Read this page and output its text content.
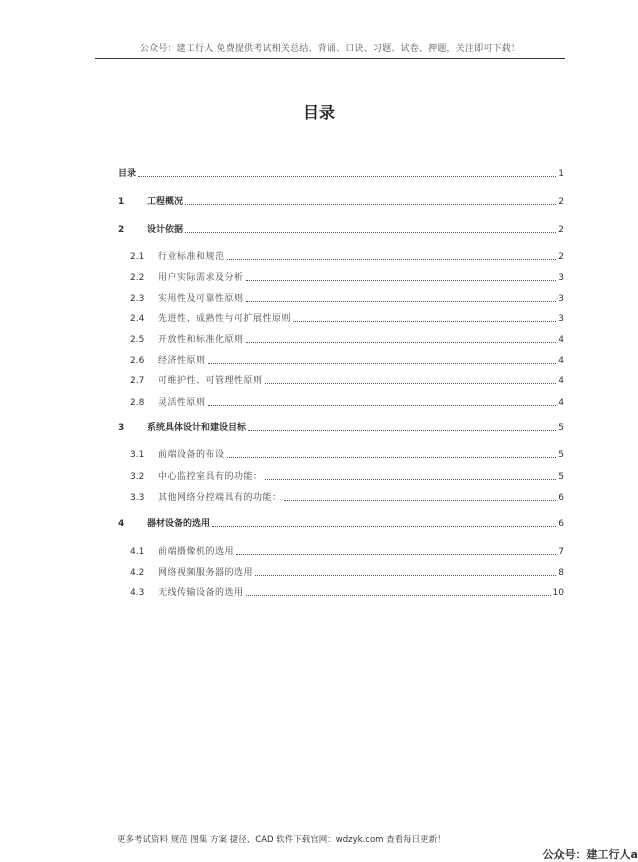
公众号：建工行人 免费提供考试相关总结、背诵、口诀、习题、试卷、押题，关注即可下载！
目录
目录	1
1	工程概况	2
2	设计依据	2
2.1	行业标准和规范	2
2.2	用户实际需求及分析	3
2.3	实用性及可靠性原则	3
2.4	先进性、成熟性与可扩展性原则	3
2.5	开放性和标准化原则	4
2.6	经济性原则	4
2.7	可维护性、可管理性原则	4
2.8	灵活性原则	4
3	系统具体设计和建设目标	5
3.1	前端设备的布设	5
3.2	中心监控室具有的功能：	5
3.3	其他网络分控端具有的功能：	6
4	器材设备的选用	6
4.1	前端摄像机的选用	7
4.2	网络视频服务器的选用	8
4.3	无线传输设备的选用	10
更多考试资料 规范 图集 方案 捷径、CAD 软件下载官网：wdzyk.com 查看每日更新！
公众号：建工行人a
